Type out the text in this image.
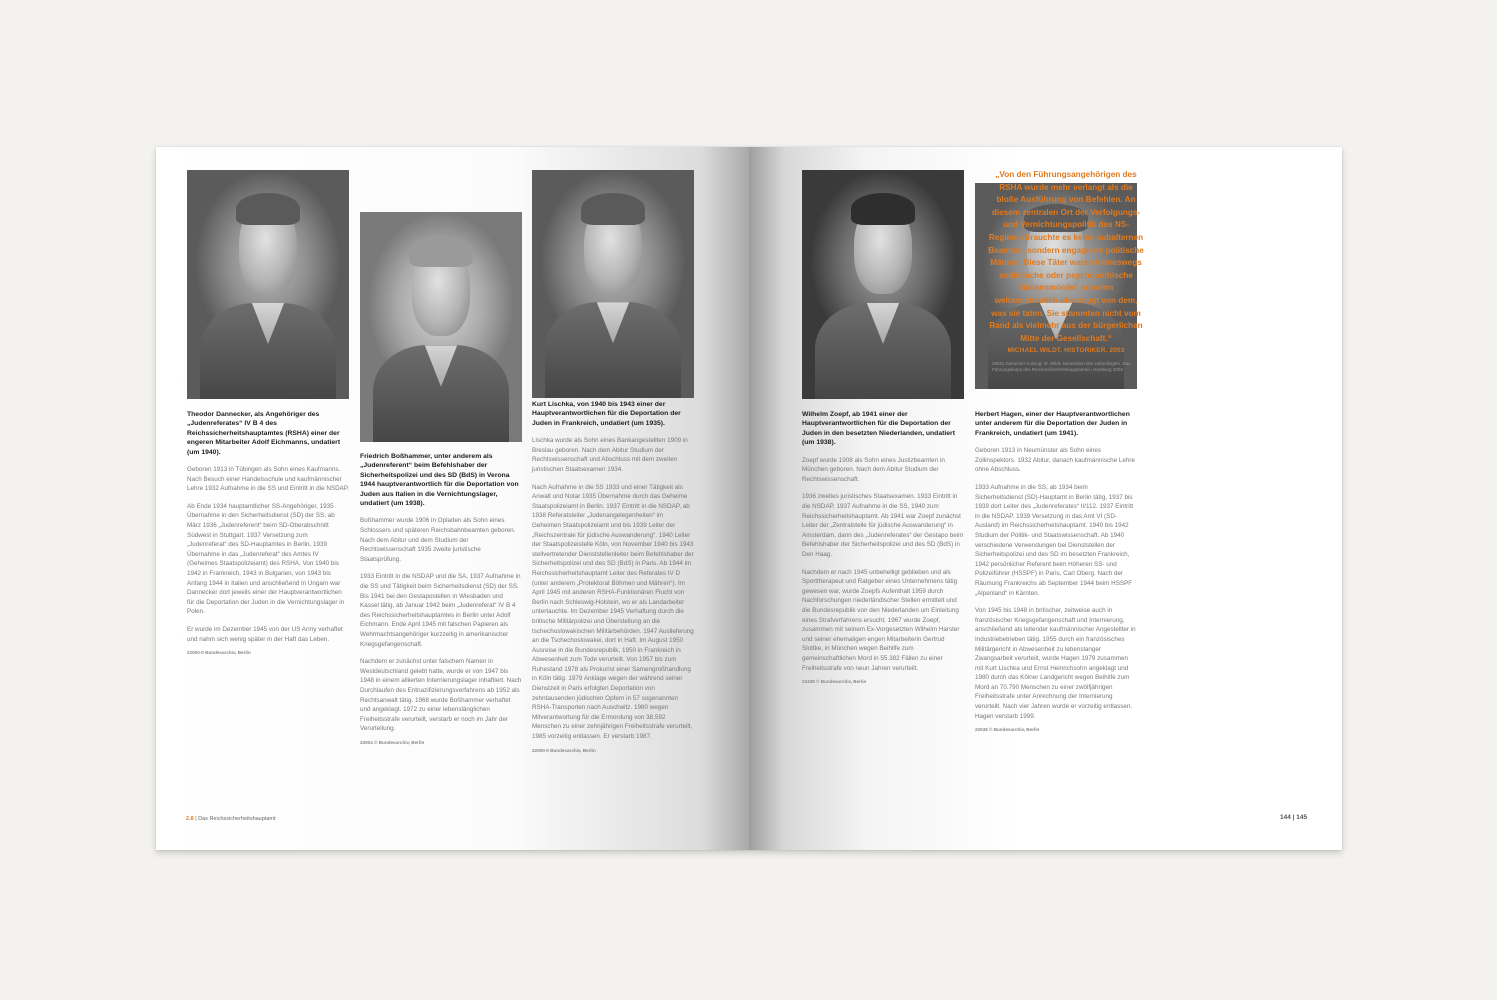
Theodor Dannecker, als Angehöriger des „Judenreferates“ IV B 4 des Reichssicherheitshauptamtes (RSHA) einer der engeren Mitarbeiter Adolf Eichmanns, undatiert (um 1940).

Geboren 1913 in Tübingen als Sohn eines Kaufmanns. Nach Besuch einer Handelsschule und kaufmännischer Lehre 1932 Aufnahme in die SS und Eintritt in die NSDAP.

Ab Ende 1934 hauptamtlicher SS-Angehöriger, 1935 Übernahme in den Sicherheitsdienst (SD) der SS, ab März 1936 „Judenreferent“ beim SD-Oberabschnitt Südwest in Stuttgart. 1937 Versetzung zum „Judenreferat“ des SD-Hauptamtes in Berlin, 1939 Übernahme in das „Judenreferat“ des Amtes IV (Geheimes Staatspolizeiamt) des RSHA. Von 1940 bis 1942 in Frankreich, 1943 in Bulgarien, von 1943 bis Anfang 1944 in Italien und anschließend in Ungarn war Dannecker dort jeweils einer der Hauptverantwortlichen für die Deportation der Juden in die Vernichtungslager in Polen.

Er wurde im Dezember 1945 von der US Army verhaftet und nahm sich wenig später in der Haft das Leben.

22000-0 Bundesarchiv, Berlin

Friedrich Boßhammer, unter anderem als „Judenreferent“ beim Befehlshaber der Sicherheitspolizei und des SD (BdS) in Verona 1944 hauptverantwortlich für die Deportation von Juden aus Italien in die Vernichtungslager, undatiert (um 1938).

Boßhammer wurde 1906 in Opladen als Sohn eines Schlossers und späteren Reichsbahnbeamten geboren. Nach dem Abitur und dem Studium der Rechtswissenschaft 1935 zweite juristische Staatsprüfung.

1933 Eintritt in die NSDAP und die SA, 1937 Aufnahme in die SS und Tätigkeit beim Sicherheitsdienst (SD) der SS. Bis 1941 bei den Gestapostellen in Wiesbaden und Kassel tätig, ab Januar 1942 beim „Judenreferat“ IV B 4 des Reichssicherheitshauptamtes in Berlin unter Adolf Eichmann. Ende April 1945 mit falschen Papieren als Wehrmachtsangehöriger kurzzeitig in amerikanischer Kriegsgefangenschaft.

Nachdem er zunächst unter falschem Namen in Westdeutschland gelebt hatte, wurde er von 1947 bis 1948 in einem alliierten Internierungslager inhaftiert. Nach Durchlaufen des Entnazifizierungsverfahrens ab 1952 als Rechtsanwalt tätig. 1968 wurde Boßhammer verhaftet und angeklagt. 1972 zu einer lebenslänglichen Freiheitsstrafe verurteilt, verstarb er noch im Jahr der Verurteilung.

23004 © Bundesarchiv, Berlin

Kurt Lischka, von 1940 bis 1943 einer der Hauptverantwortlichen für die Deportation der Juden in Frankreich, undatiert (um 1935).

Lischka wurde als Sohn eines Bankangestellten 1909 in Breslau geboren. Nach dem Abitur Studium der Rechtswissenschaft und Abschluss mit dem zweiten juristischen Staatsexamen 1934.

Nach Aufnahme in die SS 1933 und einer Tätigkeit als Anwalt und Notar 1935 Übernahme durch das Geheime Staatspolizeiamt in Berlin. 1937 Eintritt in die NSDAP, ab 1938 Referatsleiter „Judenangelegenheiten“ im Geheimen Staatspolizeiamt und bis 1939 Leiter der „Reichszentrale für jüdische Auswanderung“. 1940 Leiter der Staatspolizeistelle Köln, von November 1940 bis 1943 stellvertretender Dienststellenleiter beim Befehlshaber der Sicherheitspolizei und des SD (BdS) in Paris. Ab 1944 im Reichssicherheitshauptamt Leiter des Referates IV D (unter anderem „Protektorat Böhmen und Mähren“). Im April 1945 mit anderen RSHA-Funktionären Flucht von Berlin nach Schleswig-Holstein, wo er als Landarbeiter untertauchte. Im Dezember 1945 Verhaftung durch die britische Militärpolizei und Überstellung an die tschechoslowakischen Militärbehörden. 1947 Auslieferung an die Tschechoslowakei, dort in Haft. Im August 1950 Ausreise in die Bundesrepublik, 1950 in Frankreich in Abwesenheit zum Tode verurteilt. Von 1957 bis zum Ruhestand 1978 als Prokurist einer Samengroßhandlung in Köln tätig. 1979 Anklage wegen der während seiner Dienstzeit in Paris erfolgten Deportation von zehntausenden jüdischen Opfern in 57 sogenannten RSHA-Transporten nach Auschwitz. 1980 wegen Mitverantwortung für die Ermordung von 38.592 Menschen zu einer zehnjährigen Freiheitsstrafe verurteilt, 1985 vorzeitig entlassen. Er verstarb 1987.

22000-0 Bundesarchiv, Berlin

Wilhelm Zoepf, ab 1941 einer der Hauptverantwortlichen für die Deportation der Juden in den besetzten Niederlanden, undatiert (um 1938).

Zoepf wurde 1908 als Sohn eines Justizbeamten in München geboren. Nach dem Abitur Studium der Rechtswissenschaft.

1936 zweites juristisches Staatsexamen. 1933 Eintritt in die NSDAP, 1937 Aufnahme in die SS, 1940 zum Reichssicherheitshauptamt. Ab 1941 war Zoepf zunächst Leiter der „Zentralstelle für jüdische Auswanderung“ in Amsterdam, dann des „Judenreferates“ der Gestapo beim Befehlshaber der Sicherheitspolizei und des SD (BdS) in Den Haag.

Nachdem er nach 1945 unbehelligt geblieben und als Sporttherapeut und Ratgeber eines Unternehmens tätig gewesen war, wurde Zoepfs Aufenthalt 1959 durch Nachforschungen niederländischer Stellen ermittelt und die Bundesrepublik von den Niederlanden um Einleitung eines Strafverfahrens ersucht. 1967 wurde Zoepf, zusammen mit seinem Ex-Vorgesetzten Wilhelm Harster und seiner ehemaligen engen Mitarbeiterin Gertrud Slottke, in München wegen Beihilfe zum gemeinschaftlichen Mord in 55.382 Fällen zu einer Freiheitsstrafe von neun Jahren verurteilt.

22438 © Bundesarchiv, Berlin

Herbert Hagen, einer der Hauptverantwortlichen unter anderem für die Deportation der Juden in Frankreich, undatiert (um 1941).

Geboren 1913 in Neumünster als Sohn eines Zollinspektors. 1932 Abitur, danach kaufmännische Lehre ohne Abschluss.

1933 Aufnahme in die SS, ab 1934 beim Sicherheitsdienst (SD)-Hauptamt in Berlin tätig, 1937 bis 1939 dort Leiter des „Judenreferates“ II/112. 1937 Eintritt in die NSDAP. 1939 Versetzung in das Amt VI (SD-Ausland) im Reichssicherheitshauptamt. 1940 bis 1942 Studium der Politik- und Staatswissenschaft. Ab 1940 verschiedene Verwendungen bei Dienststellen der Sicherheitspolizei und des SD im besetzten Frankreich, 1942 persönlicher Referent beim Höheren SS- und Polizeiführer (HSSPF) in Paris, Carl Oberg. Nach der Räumung Frankreichs ab September 1944 beim HSSPF „Alpenland“ in Kärnten.

Von 1945 bis 1948 in britischer, zeitweise auch in französischer Kriegsgefangenschaft und Internierung, anschließend als leitender kaufmännischer Angestellter in Industriebetrieben tätig. 1955 durch ein französisches Militärgericht in Abwesenheit zu lebenslanger Zwangsarbeit verurteilt, wurde Hagen 1979 zusammen mit Kurt Lischka und Ernst Heinrichsohn angeklagt und 1980 durch das Kölner Landgericht wegen Beihilfe zum Mord an 70.790 Menschen zu einer zwölfjährigen Freiheitsstrafe unter Anrechnung der Internierung verurteilt. Nach vier Jahren wurde er vorzeitig entlassen. Hagen verstarb 1999.

22049 © Bundesarchiv, Berlin
„Von den Führungsangehörigen des RSHA wurde mehr verlangt als die bloße Ausführung von Befehlen. An diesem zentralen Ort der Verfolgungs- und Vernichtungspolitik des NS-Regimes brauchte es keine subalternen Beamten, sondern engagierte politische Männer. Diese Täter waren keineswegs sadistische oder psychopathische Massenmörder, sondern weltanschaulich überzeugt von dem, was sie taten. Sie stammten nicht vom Rand als vielmehr aus der bürgerlichen Mitte der Gesellschaft.“
MICHAEL WILDT, HISTORIKER, 2003
29511 Gekürzter Auszug: M. Wildt, Generation des Unbedingten. Das Führungskorps des Reichssicherheitshauptamtes, Hamburg 2002
2.8 | Das Reichssicherheitshauptamt	144 | 145
